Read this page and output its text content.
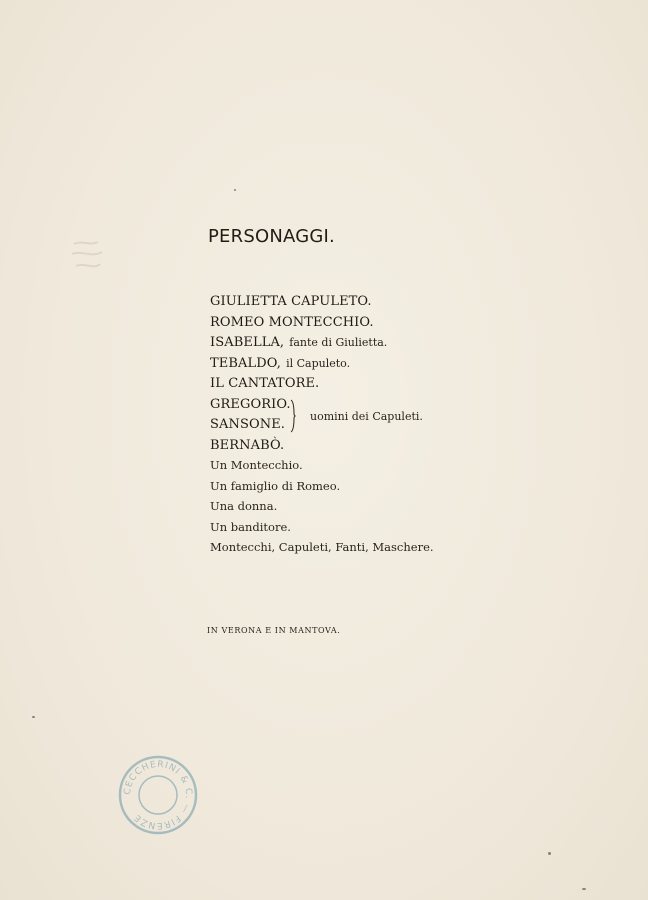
PERSONAGGI.
GIULIETTA CAPULETO.
ROMEO MONTECCHIO.
ISABELLA, fante di Giulietta.
TEBALDO, il Capuleto.
IL CANTATORE.
GREGORIO.
SANSONE.
BERNABÒ.
Un Montecchio.
Un famiglio di Romeo.
Una donna.
Un banditore.
Montecchi, Capuleti, Fanti, Maschere.
uomini dei Capuleti.

IN VERONA E IN MANTOVA.

CECCHERINI & C. — FIRENZE
